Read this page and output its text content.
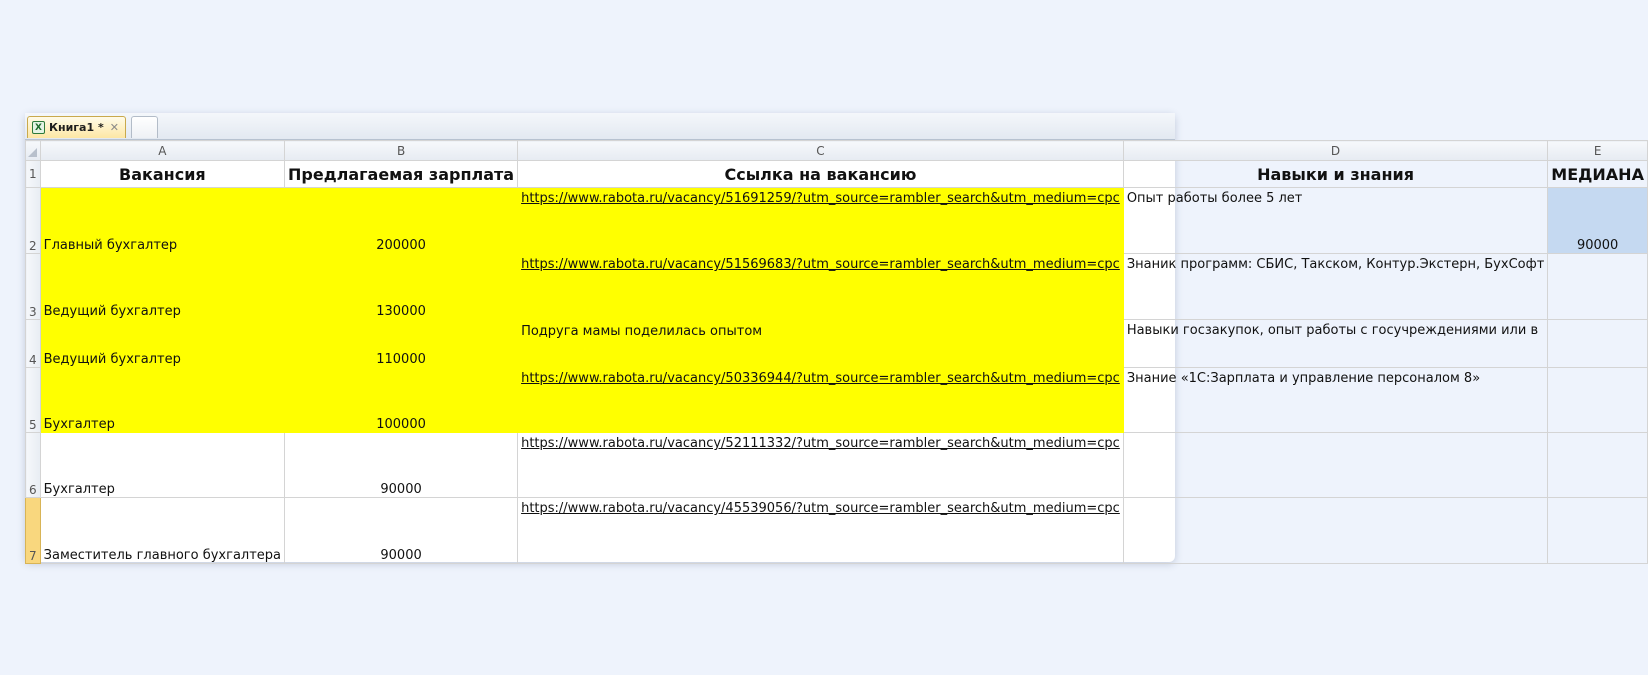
X Книга1 * ✕
	A	B	C	D	E
1	Вакансия	Предлагаемая зарплата	Ссылка на вакансию	Навыки и знания	МЕДИАНА
2	Главный бухгалтер	200000	https://www.rabota.ru/vacancy/51691259/?utm_source=rambler_search&utm_medium=cpc	Опыт работы более 5 лет	90000
3	Ведущий бухгалтер	130000	https://www.rabota.ru/vacancy/51569683/?utm_source=rambler_search&utm_medium=cpc	Знаник программ: СБИС, Такском, Контур.Экстерн, БухСофт	

4	Ведущий бухгалтер	110000	Подруга мамы поделилась опытом	Навыки госзакупок, опыт работы с госучреждениями или в	
5	Бухгалтер	100000	https://www.rabota.ru/vacancy/50336944/?utm_source=rambler_search&utm_medium=cpc	Знание «1С:Зарплата и управление персоналом 8»	
6	Бухгалтер	90000	https://www.rabota.ru/vacancy/52111332/?utm_source=rambler_search&utm_medium=cpc		
7	Заместитель главного бухгалтера	90000	https://www.rabota.ru/vacancy/45539056/?utm_source=rambler_search&utm_medium=cpc		
